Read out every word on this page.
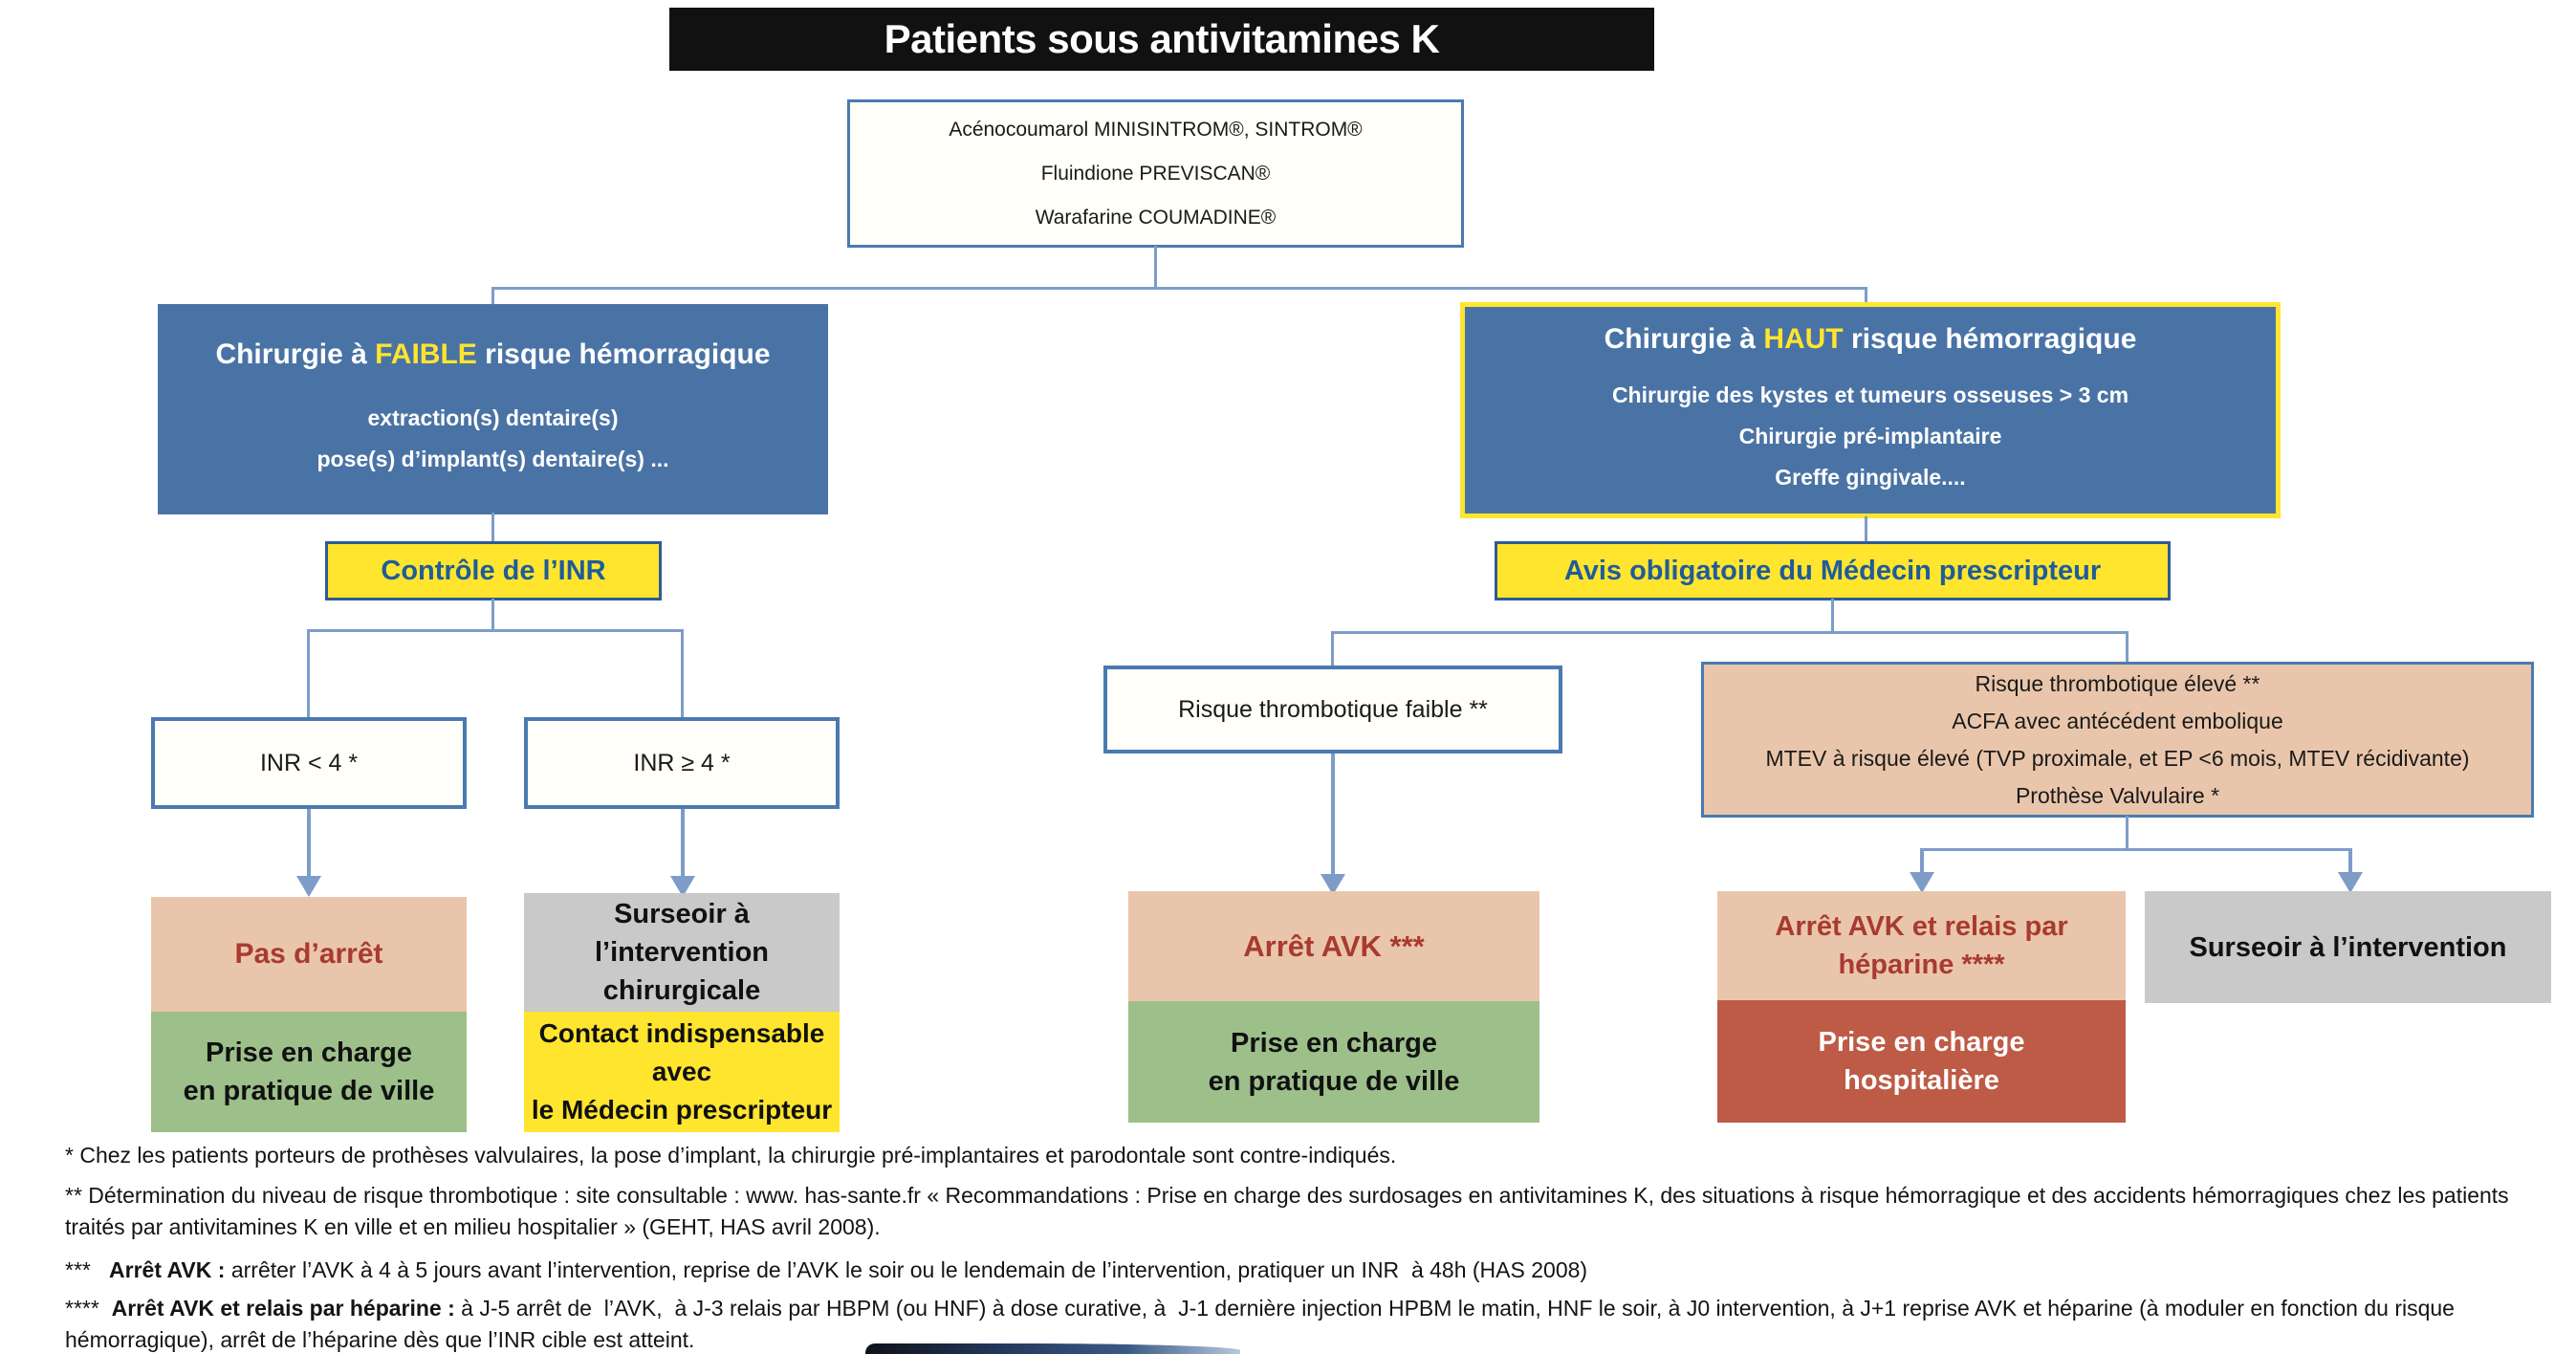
Patients sous antivitamines K
Acénocoumarol MINISINTROM®, SINTROM®
Fluindione PREVISCAN®
Warafarine COUMADINE®
Chirurgie à FAIBLE risque hémorragique
extraction(s) dentaire(s)
pose(s) d’implant(s) dentaire(s) ...
Chirurgie à HAUT risque hémorragique
Chirurgie des kystes et tumeurs osseuses > 3 cm
Chirurgie pré-implantaire
Greffe gingivale....
Contrôle de l’INR
INR < 4 *	INR ≥ 4 *
Avis obligatoire du Médecin prescripteur
Risque thrombotique faible **
Risque thrombotique élevé **
ACFA avec antécédent embolique
MTEV à risque élevé (TVP proximale, et EP <6 mois, MTEV récidivante)
Prothèse Valvulaire *
Pas d’arrêt
Prise en charge
en pratique de ville
Surseoir à l’intervention
chirurgicale
Contact indispensable avec
le Médecin prescripteur
Arrêt AVK ***
Prise en charge
en pratique de ville
Arrêt AVK et relais par
héparine ****
Prise en charge
hospitalière
Surseoir à l’intervention

* Chez les patients porteurs de prothèses valvulaires, la pose d’implant, la chirurgie pré-implantaires et parodontale sont contre-indiqués.

** Détermination du niveau de risque thrombotique : site consultable : www. has-sante.fr « Recommandations : Prise en charge des surdosages en antivitamines K, des situations à risque hémorragique et des accidents hémorragiques chez les patients traités par antivitamines K en ville et en milieu hospitalier » (GEHT, HAS avril 2008).

***   Arrêt AVK : arrêter l’AVK à 4 à 5 jours avant l’intervention, reprise de l’AVK le soir ou le lendemain de l’intervention, pratiquer un INR  à 48h (HAS 2008)

****  Arrêt AVK et relais par héparine : à J-5 arrêt de  l’AVK,  à J-3 relais par HBPM (ou HNF) à dose curative, à  J-1 dernière injection HPBM le matin, HNF le soir, à J0 intervention, à J+1 reprise AVK et héparine (à moduler en fonction du risque hémorragique), arrêt de l’héparine dès que l’INR cible est atteint.
